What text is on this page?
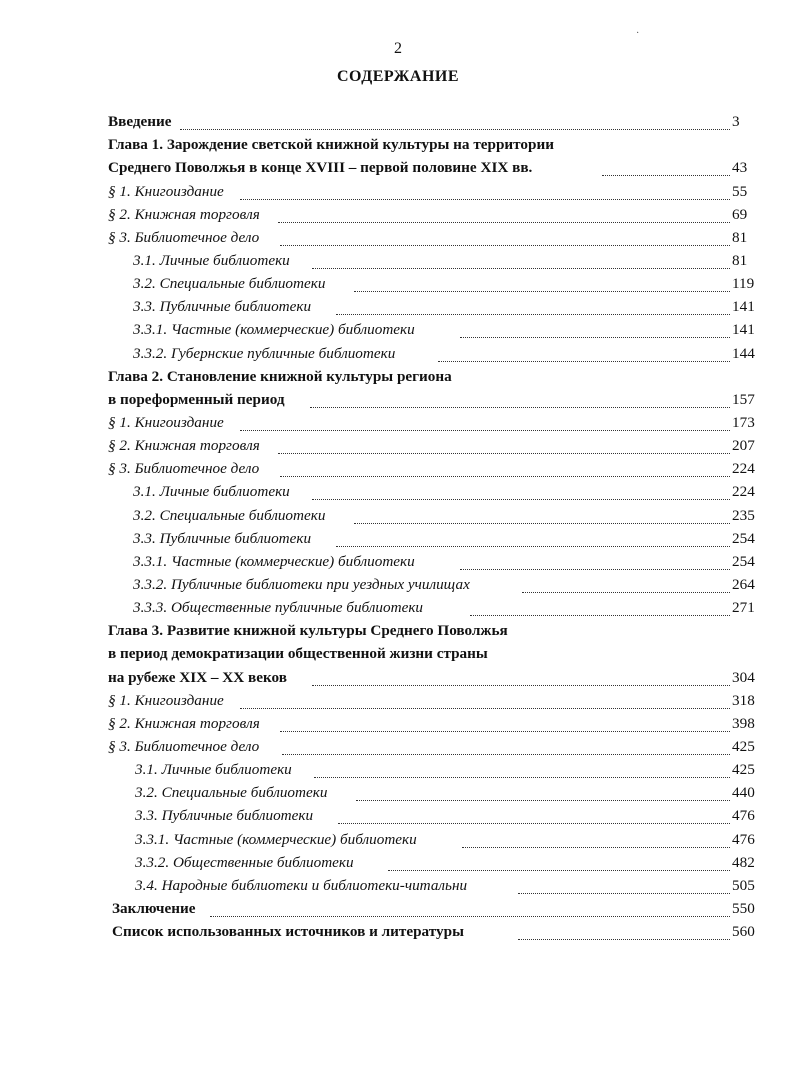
2
·
СОДЕРЖАНИЕ
Введение	3
Глава 1. Зарождение светской книжной культуры на территории
Среднего Поволжья в конце XVIII – первой половине XIX вв.	43
§ 1. Книгоиздание	55
§ 2. Книжная торговля	69
§ 3. Библиотечное дело	81
3.1. Личные библиотеки	81
3.2. Специальные библиотеки	119
3.3. Публичные библиотеки	141
3.3.1. Частные (коммерческие) библиотеки	141
3.3.2. Губернские публичные библиотеки	144
Глава 2. Становление книжной культуры региона
в пореформенный период	157
§ 1. Книгоиздание	173
§ 2. Книжная торговля	207
§ 3. Библиотечное дело	224
3.1. Личные библиотеки	224
3.2. Специальные библиотеки	235
3.3. Публичные библиотеки	254
3.3.1. Частные (коммерческие) библиотеки	254
3.3.2. Публичные библиотеки при уездных училищах	264
3.3.3. Общественные публичные библиотеки	271
Глава 3. Развитие книжной культуры Среднего Поволжья
в период демократизации общественной жизни страны
на рубеже XIX – XX веков	304
§ 1. Книгоиздание	318
§ 2. Книжная торговля	398
§ 3. Библиотечное дело	425
3.1. Личные библиотеки	425
3.2. Специальные библиотеки	440
3.3. Публичные библиотеки	476
3.3.1. Частные (коммерческие) библиотеки	476
3.3.2. Общественные библиотеки	482
3.4. Народные библиотеки и библиотеки-читальни	505
Заключение	550
Список использованных источников и литературы	560
